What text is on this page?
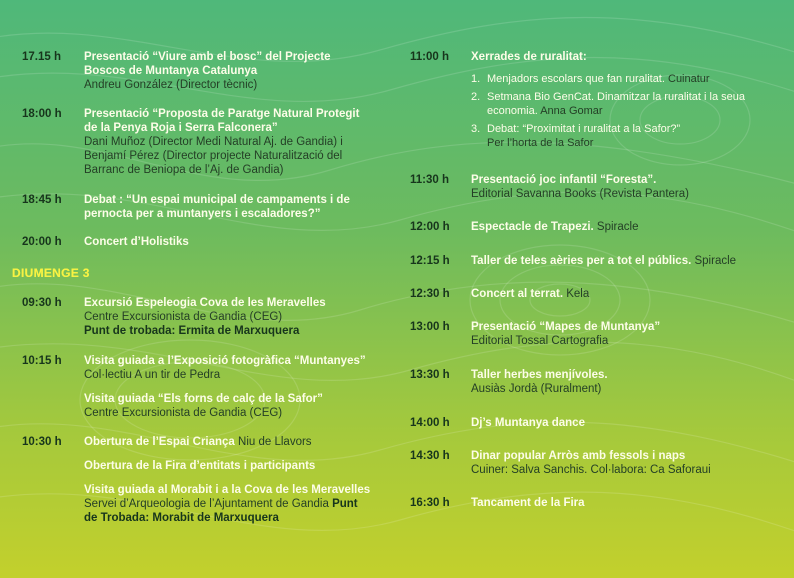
17.15 h	Presentació “Viure amb el bosc” del Projecte Boscos de Muntanya Catalunya
Andreu González (Director tècnic)
18:00 h	Presentació “Proposta de Paratge Natural Protegit de la Penya Roja i Serra Falconera”
Dani Muñoz (Director Medi Natural Aj. de Gandia) i Benjamí Pérez (Director projecte Naturalització del Barranc de Beniopa de l’Aj. de Gandia)
18:45 h	Debat : “Un espai municipal de campaments i de pernocta per a muntanyers i escaladores?”
20:00 h	Concert d’Holistiks
DIUMENGE 3
09:30 h	Excursió Espeleogia Cova de les Meravelles
Centre Excursionista de Gandia (CEG)
Punt de trobada: Ermita de Marxuquera
10:15 h	Visita guiada a l’Exposició fotogràfica “Muntanyes” Col·lectiu A un tir de Pedra
Visita guiada “Els forns de calç de la Safor”
Centre Excursionista de Gandia (CEG)
10:30 h	Obertura de l’Espai Criança Niu de Llavors
Obertura de la Fira d’entitats i participants
Visita guiada al Morabit i a la Cova de les Meravelles Servei d’Arqueologia de l’Ajuntament de Gandia Punt de Trobada: Morabit de Marxuquera
11:00 h	Xerrades de ruralitat:
1. Menjadors escolars que fan ruralitat. Cuinatur
2. Setmana Bio GenCat. Dinamitzar la ruralitat i la seua economia. Anna Gomar
3. Debat: “Proximitat i ruralitat a la Safor?”
Per l’horta de la Safor
11:30 h	Presentació joc infantil “Foresta”.
Editorial Savanna Books (Revista Pantera)
12:00 h	Espectacle de Trapezi. Spiracle
12:15 h	Taller de teles aèries per a tot el públics. Spiracle
12:30 h	Concert al terrat. Kela
13:00 h	Presentació “Mapes de Muntanya”
Editorial Tossal Cartografia
13:30 h	Taller herbes menjívoles.
Ausiàs Jordà (Ruralment)
14:00 h	Dj’s Muntanya dance
14:30 h	Dinar popular Arròs amb fessols i naps
Cuiner: Salva Sanchis. Col·labora: Ca Saforaui
16:30 h	Tancament de la Fira
